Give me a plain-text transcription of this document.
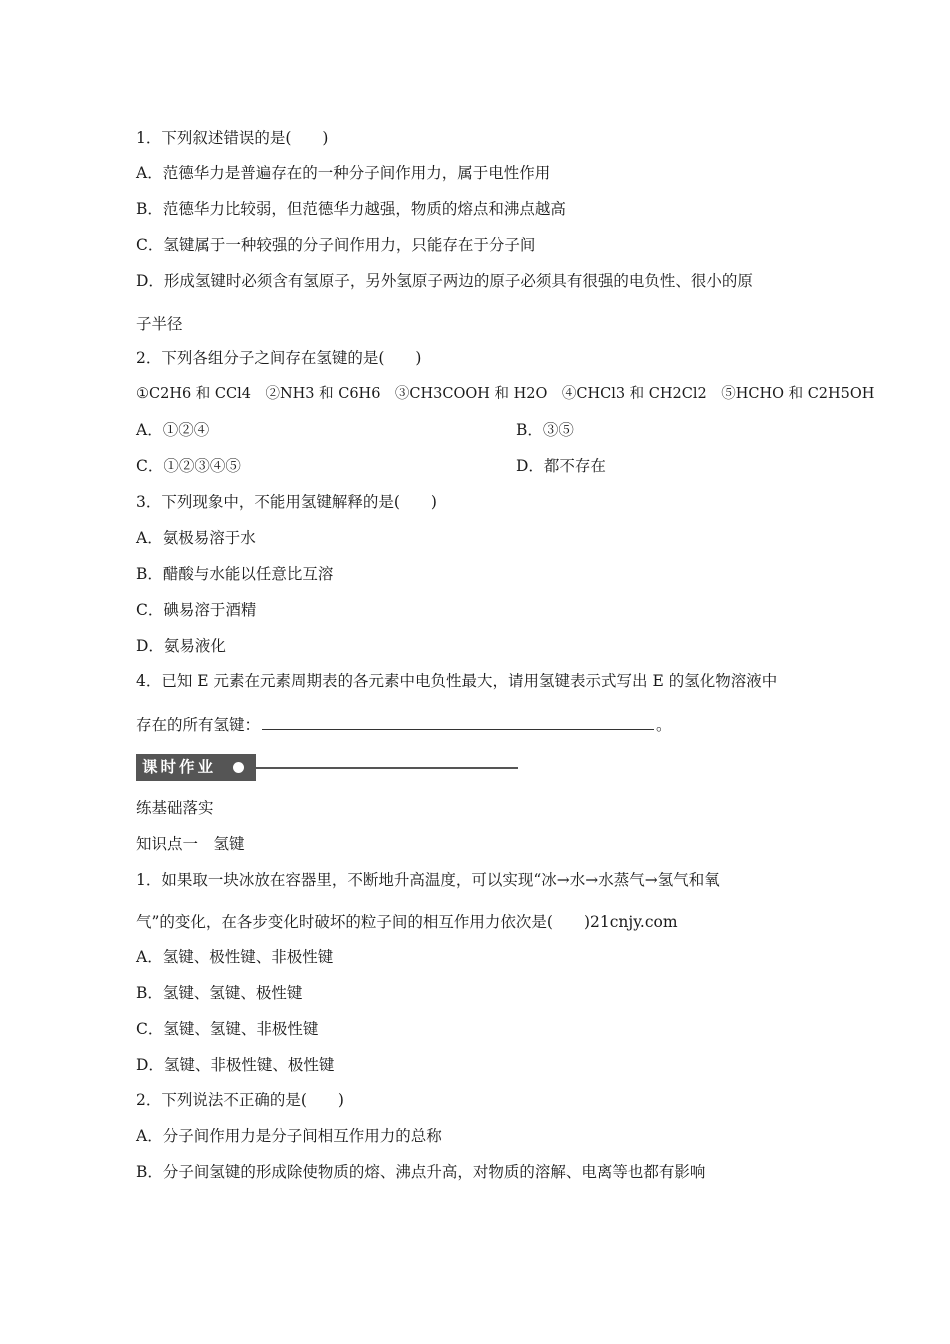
1．下列叙述错误的是(　　)
A．范德华力是普遍存在的一种分子间作用力，属于电性作用
B．范德华力比较弱，但范德华力越强，物质的熔点和沸点越高
C．氢键属于一种较强的分子间作用力，只能存在于分子间
D．形成氢键时必须含有氢原子，另外氢原子两边的原子必须具有很强的电负性、很小的原
子半径
2．下列各组分子之间存在氢键的是(　　)
①C2H6 和 CCl4　②NH3 和 C6H6　③CH3COOH 和 H2O　④CHCl3 和 CH2Cl2　⑤HCHO 和 C2H5OH
A．①②④	B．③⑤
C．①②③④⑤	D．都不存在
3．下列现象中，不能用氢键解释的是(　　)
A．氨极易溶于水
B．醋酸与水能以任意比互溶
C．碘易溶于酒精
D．氨易液化
4．已知 E 元素在元素周期表的各元素中电负性最大，请用氢键表示式写出 E 的氢化物溶液中
存在的所有氢键：	。
课时作业
练基础落实
知识点一　氢键
1．如果取一块冰放在容器里，不断地升高温度，可以实现“冰→水→水蒸气→氢气和氧
气”的变化，在各步变化时破坏的粒子间的相互作用力依次是(　　)21cnjy.com
A．氢键、极性键、非极性键
B．氢键、氢键、极性键
C．氢键、氢键、非极性键
D．氢键、非极性键、极性键
2．下列说法不正确的是(　　)
A．分子间作用力是分子间相互作用力的总称
B．分子间氢键的形成除使物质的熔、沸点升高，对物质的溶解、电离等也都有影响
